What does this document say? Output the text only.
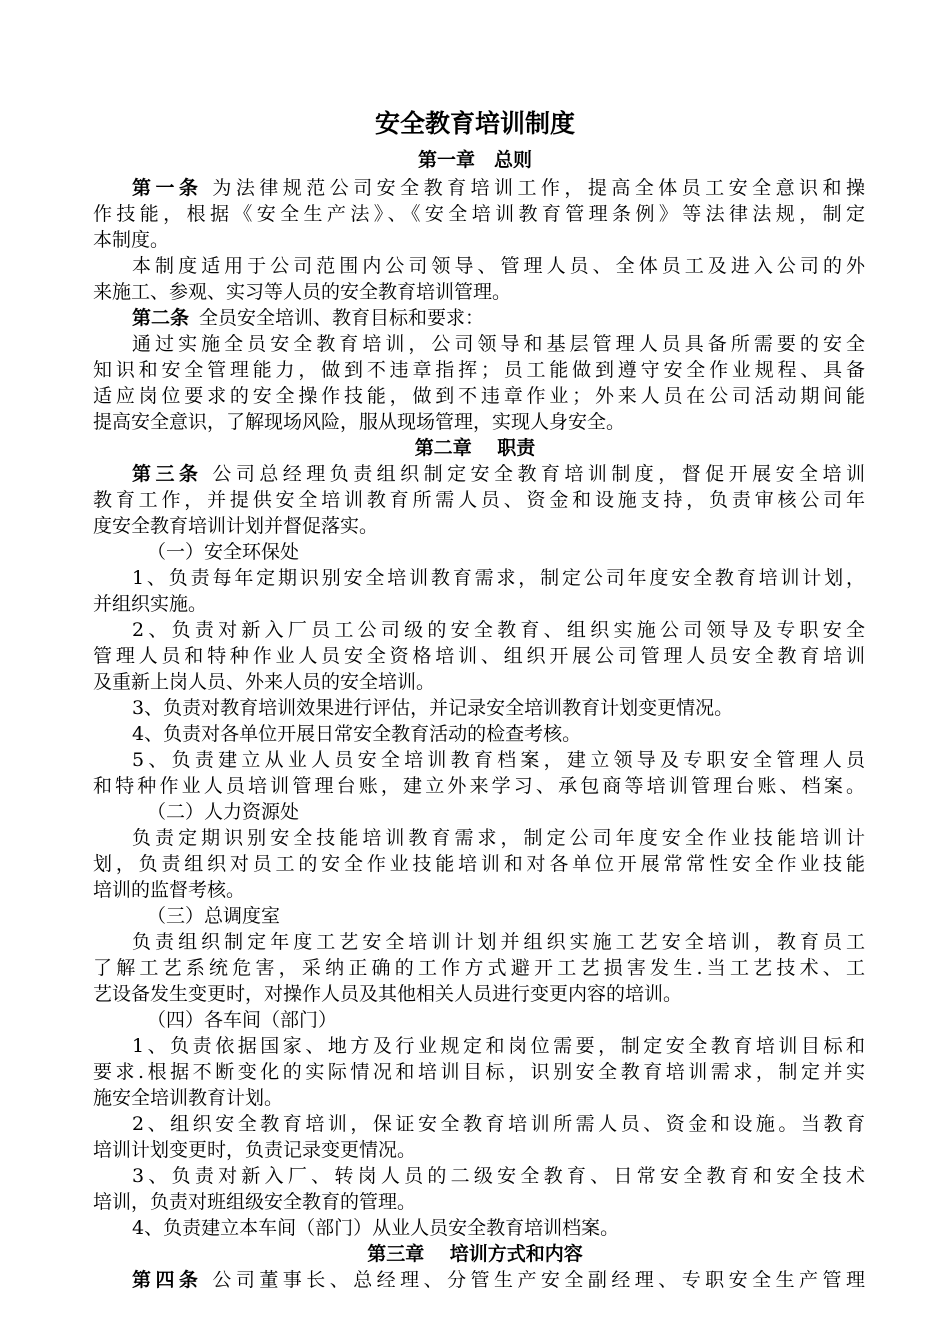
安全教育培训制度
第一章　总则
第一条 为法律规范公司安全教育培训工作，提高全体员工安全意识和操
作技能，根据《安全生产法》、《安全培训教育管理条例》等法律法规，制定
本制度。
本制度适用于公司范围内公司领导、管理人员、全体员工及进入公司的外
来施工、参观、实习等人员的安全教育培训管理。
第二条 全员安全培训、教育目标和要求：
通过实施全员安全教育培训，公司领导和基层管理人员具备所需要的安全
知识和安全管理能力，做到不违章指挥；员工能做到遵守安全作业规程、具备
适应岗位要求的安全操作技能，做到不违章作业；外来人员在公司活动期间能
提高安全意识，了解现场风险，服从现场管理，实现人身安全。
第二章　 职责
第三条 公司总经理负责组织制定安全教育培训制度，督促开展安全培训
教育工作，并提供安全培训教育所需人员、资金和设施支持，负责审核公司年
度安全教育培训计划并督促落实。
（一）安全环保处
1、负责每年定期识别安全培训教育需求，制定公司年度安全教育培训计划，
并组织实施。
2、负责对新入厂员工公司级的安全教育、组织实施公司领导及专职安全
管理人员和特种作业人员安全资格培训、组织开展公司管理人员安全教育培训
及重新上岗人员、外来人员的安全培训。
3、负责对教育培训效果进行评估，并记录安全培训教育计划变更情况。
4、负责对各单位开展日常安全教育活动的检查考核。
5、负责建立从业人员安全培训教育档案，建立领导及专职安全管理人员
和特种作业人员培训管理台账，建立外来学习、承包商等培训管理台账、档案。
（二）人力资源处
负责定期识别安全技能培训教育需求，制定公司年度安全作业技能培训计
划，负责组织对员工的安全作业技能培训和对各单位开展常常性安全作业技能
培训的监督考核。
（三）总调度室
负责组织制定年度工艺安全培训计划并组织实施工艺安全培训，教育员工
了解工艺系统危害，采纳正确的工作方式避开工艺损害发生.当工艺技术、工
艺设备发生变更时，对操作人员及其他相关人员进行变更内容的培训。
（四）各车间（部门）
1、负责依据国家、地方及行业规定和岗位需要，制定安全教育培训目标和
要求.根据不断变化的实际情况和培训目标，识别安全教育培训需求，制定并实
施安全培训教育计划。
2、组织安全教育培训，保证安全教育培训所需人员、资金和设施。当教育
培训计划变更时，负责记录变更情况。
3、负责对新入厂、转岗人员的二级安全教育、日常安全教育和安全技术
培训，负责对班组级安全教育的管理。
4、负责建立本车间（部门）从业人员安全教育培训档案。
第三章　 培训方式和内容
第四条 公司董事长、总经理、分管生产安全副经理、专职安全生产管理
